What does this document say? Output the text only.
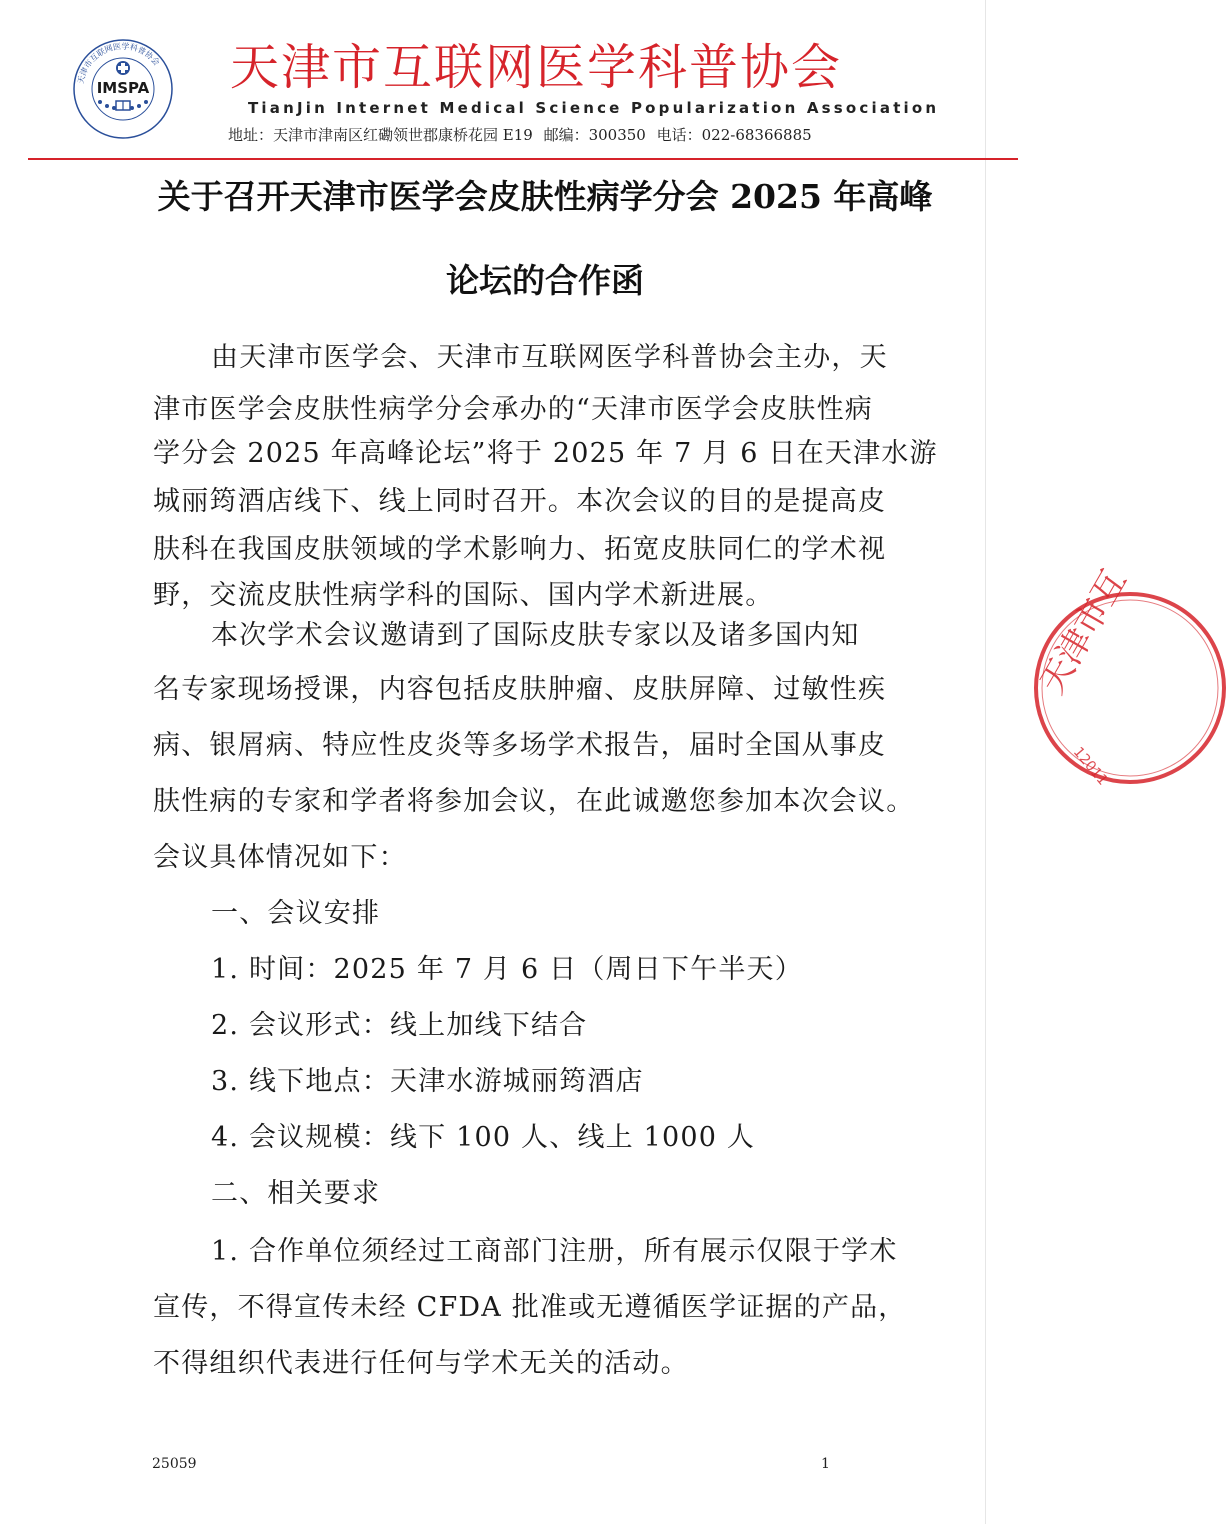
天津市互联网医学科普协会
IMSPA 天津市互联网医学科普协会
TianJin Internet Medical Science Popularization Association
地址：天津市津南区红磡领世郡康桥花园 E19 邮编：300350 电话：022-68366885
关于召开天津市医学会皮肤性病学分会 2025 年高峰
论坛的合作函
由天津市医学会、天津市互联网医学科普协会主办，天
津市医学会皮肤性病学分会承办的“天津市医学会皮肤性病
学分会 2025 年高峰论坛”将于 2025 年 7 月 6 日在天津水游
城丽筠酒店线下、线上同时召开。本次会议的目的是提高皮
肤科在我国皮肤领域的学术影响力、拓宽皮肤同仁的学术视
野，交流皮肤性病学科的国际、国内学术新进展。
本次学术会议邀请到了国际皮肤专家以及诸多国内知
名专家现场授课，内容包括皮肤肿瘤、皮肤屏障、过敏性疾
病、银屑病、特应性皮炎等多场学术报告，届时全国从事皮
肤性病的专家和学者将参加会议，在此诚邀您参加本次会议。
会议具体情况如下：
一、会议安排
1. 时间：2025 年 7 月 6 日（周日下午半天）
2. 会议形式：线上加线下结合
3. 线下地点：天津水游城丽筠酒店
4. 会议规模：线下 100 人、线上 1000 人
二、相关要求
1. 合作单位须经过工商部门注册，所有展示仅限于学术
宣传，不得宣传未经 CFDA 批准或无遵循医学证据的产品，
不得组织代表进行任何与学术无关的活动。
25059	1
天津市互
12011
